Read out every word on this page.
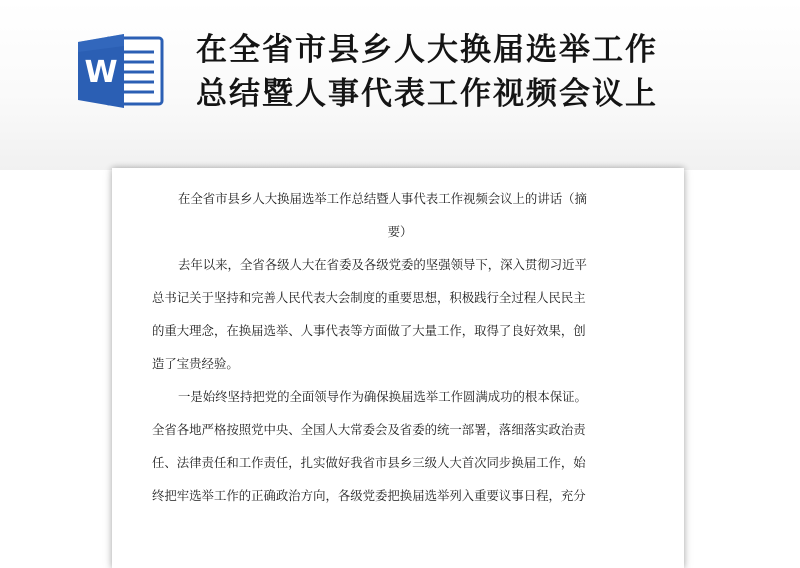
W
在全省市县乡人大换届选举工作
总结暨人事代表工作视频会议上
在全省市县乡人大换届选举工作总结暨人事代表工作视频会议上的讲话（摘
要）
去年以来，全省各级人大在省委及各级党委的坚强领导下，深入贯彻习近平
总书记关于坚持和完善人民代表大会制度的重要思想，积极践行全过程人民民主
的重大理念，在换届选举、人事代表等方面做了大量工作，取得了良好效果，创
造了宝贵经验。
一是始终坚持把党的全面领导作为确保换届选举工作圆满成功的根本保证。
全省各地严格按照党中央、全国人大常委会及省委的统一部署，落细落实政治责
任、法律责任和工作责任，扎实做好我省市县乡三级人大首次同步换届工作，始
终把牢选举工作的正确政治方向，各级党委把换届选举列入重要议事日程，充分
